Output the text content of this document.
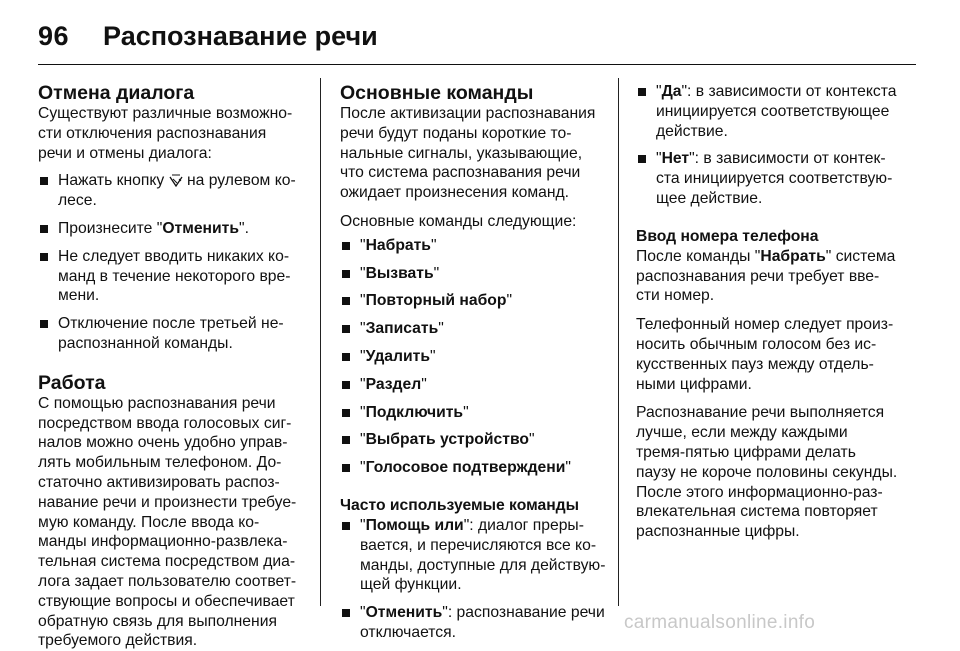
96 Распознавание речи
Отмена диалога
Существуют различные возможно-
сти отключения распознавания
речи и отмены диалога:
Нажать кнопку  на рулевом ко-
лесе.
Произнесите "Отменить".
Не следует вводить никаких ко-
манд в течение некоторого вре-
мени.
Отключение после третьей не-
распознанной команды.
Работа
С помощью распознавания речи
посредством ввода голосовых сиг-
налов можно очень удобно управ-
лять мобильным телефоном. До-
статочно активизировать распоз-
навание речи и произнести требуе-
мую команду. После ввода ко-
манды информационно-развлека-
тельная система посредством диа-
лога задает пользователю соответ-
ствующие вопросы и обеспечивает
обратную связь для выполнения
требуемого действия.
Основные команды
После активизации распознавания
речи будут поданы короткие то-
нальные сигналы, указывающие,
что система распознавания речи
ожидает произнесения команд.
Основные команды следующие:
"Набрать"
"Вызвать"
"Повторный набор"
"Записать"
"Удалить"
"Раздел"
"Подключить"
"Выбрать устройство"
"Голосовое подтверждени"
Часто используемые команды
"Помощь или": диалог преры-
вается, и перечисляются все ко-
манды, доступные для действую-
щей функции.
"Отменить": распознавание речи
отключается.
"Да": в зависимости от контекста
инициируется соответствующее
действие.
"Нет": в зависимости от контек-
ста инициируется соответствую-
щее действие.
Ввод номера телефона
После команды "Набрать" система
распознавания речи требует вве-
сти номер.
Телефонный номер следует произ-
носить обычным голосом без ис-
кусственных пауз между отдель-
ными цифрами.
Распознавание речи выполняется
лучше, если между каждыми
тремя-пятью цифрами делать
паузу не короче половины секунды.
После этого информационно-раз-
влекательная система повторяет
распознанные цифры.
carmanualsonline.info
